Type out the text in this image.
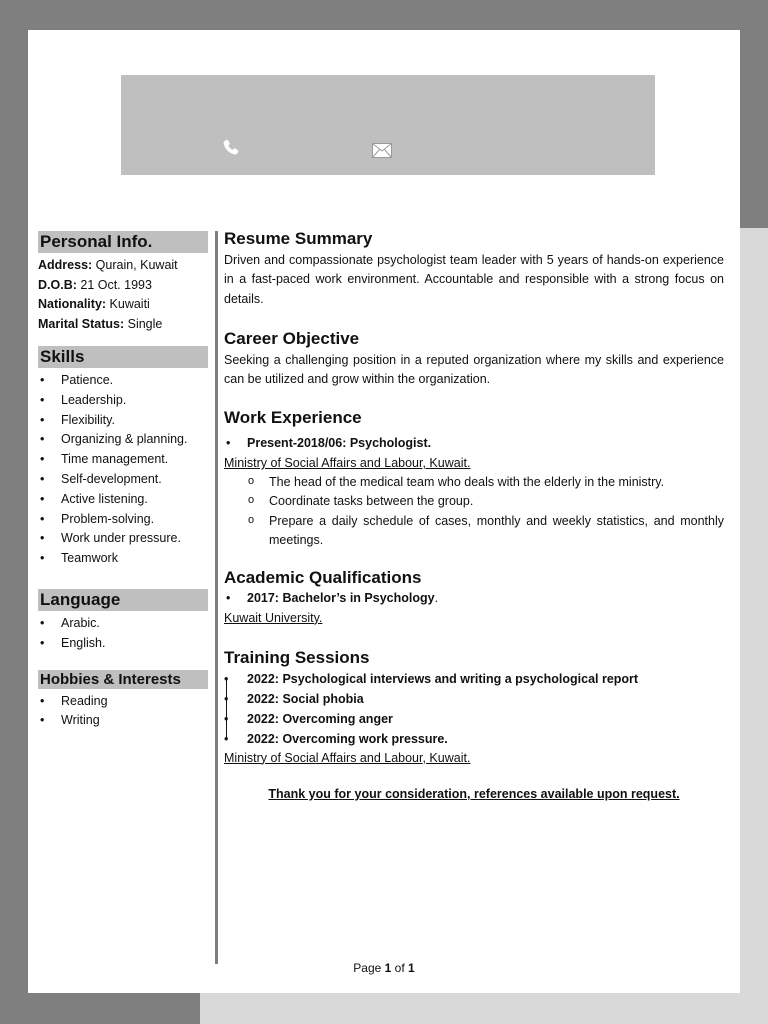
Personal Info.
Address: Qurain, Kuwait
D.O.B: 21 Oct. 1993
Nationality: Kuwaiti
Marital Status: Single
Skills
• Patience.
• Leadership.
• Flexibility.
• Organizing & planning.
• Time management.
• Self-development.
• Active listening.
• Problem-solving.
• Work under pressure.
• Teamwork
Language
• Arabic.
• English.
Hobbies & Interests
• Reading
• Writing
Resume Summary

Driven and compassionate psychologist team leader with 5 years of hands-on experience in a fast-paced work environment. Accountable and responsible with a strong focus on details.

Career Objective

Seeking a challenging position in a reputed organization where my skills and experience can be utilized and grow within the organization.

Work Experience
• Present-2018/06: Psychologist.
Ministry of Social Affairs and Labour, Kuwait.
o The head of the medical team who deals with the elderly in the ministry.
o Coordinate tasks between the group.
o Prepare a daily schedule of cases, monthly and weekly statistics, and monthly meetings.
Academic Qualifications
• 2017: Bachelor’s in Psychology.
Kuwait University.
Training Sessions
• 2022: Psychological interviews and writing a psychological report
• 2022: Social phobia
• 2022: Overcoming anger
• 2022: Overcoming work pressure.
Ministry of Social Affairs and Labour, Kuwait.
Thank you for your consideration, references available upon request.
Page 1 of 1
